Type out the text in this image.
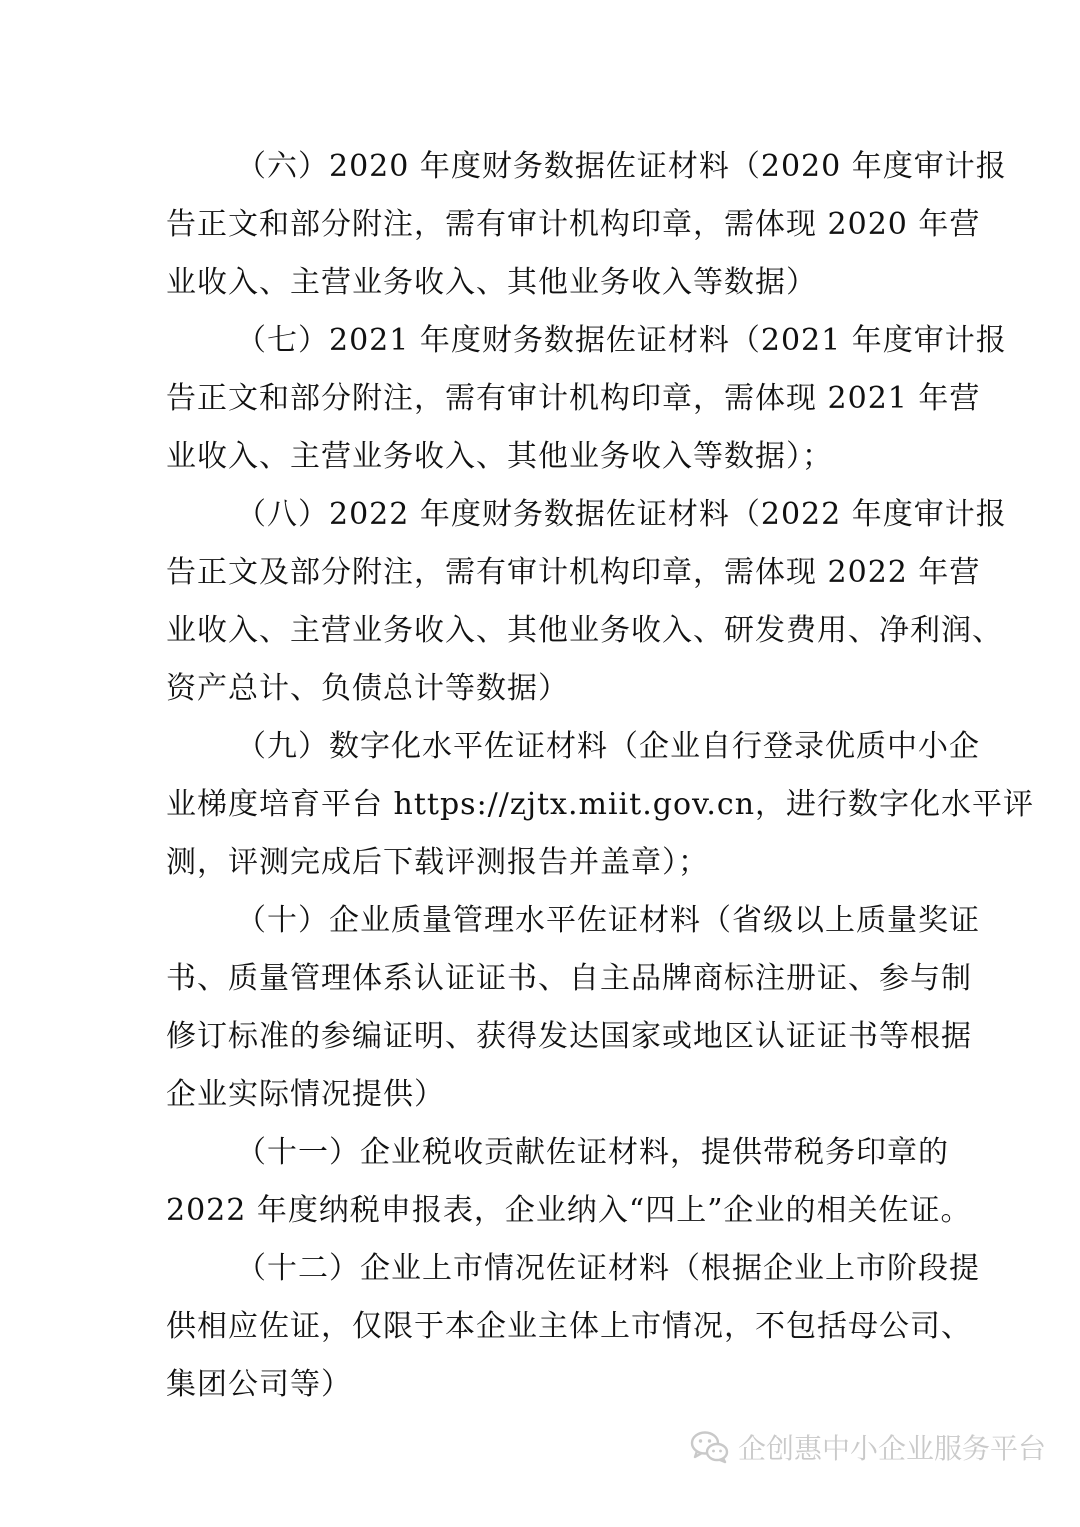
（六）2020 年度财务数据佐证材料（2020 年度审计报
告正文和部分附注，需有审计机构印章，需体现 2020 年营
业收入、主营业务收入、其他业务收入等数据）

（七）2021 年度财务数据佐证材料（2021 年度审计报
告正文和部分附注，需有审计机构印章，需体现 2021 年营
业收入、主营业务收入、其他业务收入等数据）；

（八）2022 年度财务数据佐证材料（2022 年度审计报
告正文及部分附注，需有审计机构印章，需体现 2022 年营
业收入、主营业务收入、其他业务收入、研发费用、净利润、
资产总计、负债总计等数据）

（九）数字化水平佐证材料（企业自行登录优质中小企
业梯度培育平台 https://zjtx.miit.gov.cn，进行数字化水平评
测，评测完成后下载评测报告并盖章）；

（十）企业质量管理水平佐证材料（省级以上质量奖证
书、质量管理体系认证证书、自主品牌商标注册证、参与制
修订标准的参编证明、获得发达国家或地区认证证书等根据
企业实际情况提供）

（十一）企业税收贡献佐证材料，提供带税务印章的
2022 年度纳税申报表，企业纳入“四上”企业的相关佐证。

（十二）企业上市情况佐证材料（根据企业上市阶段提
供相应佐证，仅限于本企业主体上市情况，不包括母公司、
集团公司等）

企创惠中小企业服务平台
